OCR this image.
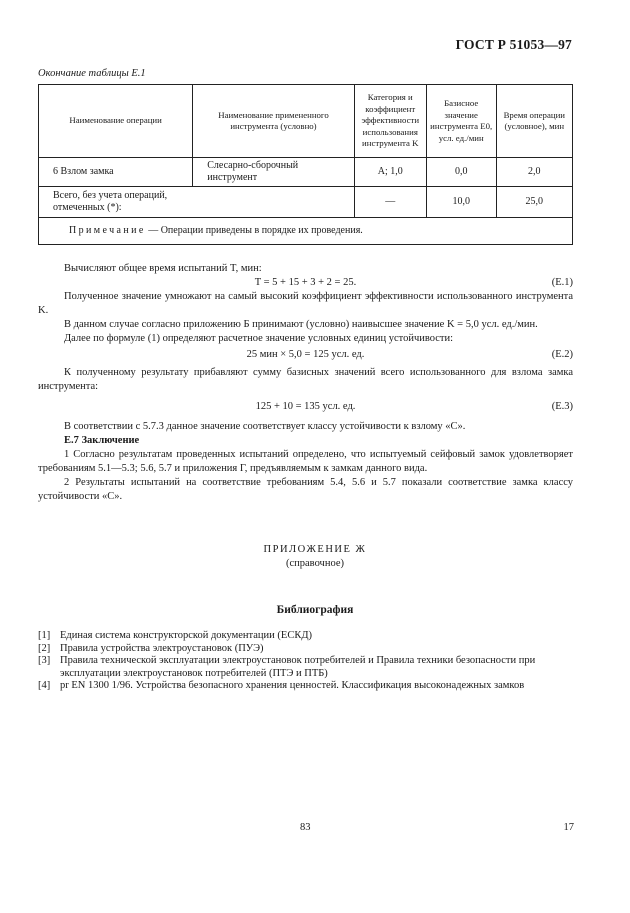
ГОСТ Р 51053—97
Окончание таблицы Е.1
Наименование операции	Наименование примененного инструмента (условно)	Категория и коэффициент эффективности использования инструмента K	Базисное значение инструмента E0, усл. ед./мин	Время операции (условное), мин
6 Взлом замка	Слесарно-сборочный инструмент	А; 1,0	0,0	2,0
Всего, без учета операций, отмеченных (*):		—	10,0	25,0
Примечание — Операции приведены в порядке их проведения.				

Вычисляют общее время испытаний T, мин:

T = 5 + 15 + 3 + 2 = 25.	(Е.1)

Полученное значение умножают на самый высокий коэффициент эффективности использованного инструмента K.

В данном случае согласно приложению Б принимают (условно) наивысшее значение K = 5,0 усл. ед./мин.

Далее по формуле (1) определяют расчетное значение условных единиц устойчивости:

25 мин × 5,0 = 125 усл. ед.	(Е.2)

К полученному результату прибавляют сумму базисных значений всего использованного для взлома замка инструмента:

125 + 10 = 135 усл. ед.	(Е.3)

В соответствии с 5.7.3 данное значение соответствует классу устойчивости к взлому «С».

Е.7 Заключение

1 Согласно результатам проведенных испытаний определено, что испытуемый сейфовый замок удовлетворяет требованиям 5.1—5.3; 5.6, 5.7 и приложения Г, предъявляемым к замкам данного вида.

2 Результаты испытаний на соответствие требованиям 5.4, 5.6 и 5.7 показали соответствие замка классу устойчивости «С».

ПРИЛОЖЕНИЕ Ж
(справочное)
Библиография
[1] Единая система конструкторской документации (ЕСКД)
[2] Правила устройства электроустановок (ПУЭ)
[3] Правила технической эксплуатации электроустановок потребителей и Правила техники безопасности при эксплуатации электроустановок потребителей (ПТЭ и ПТБ)
[4] pr EN 1300 1/96. Устройства безопасного хранения ценностей. Классификация высоконадежных замков
83	17
